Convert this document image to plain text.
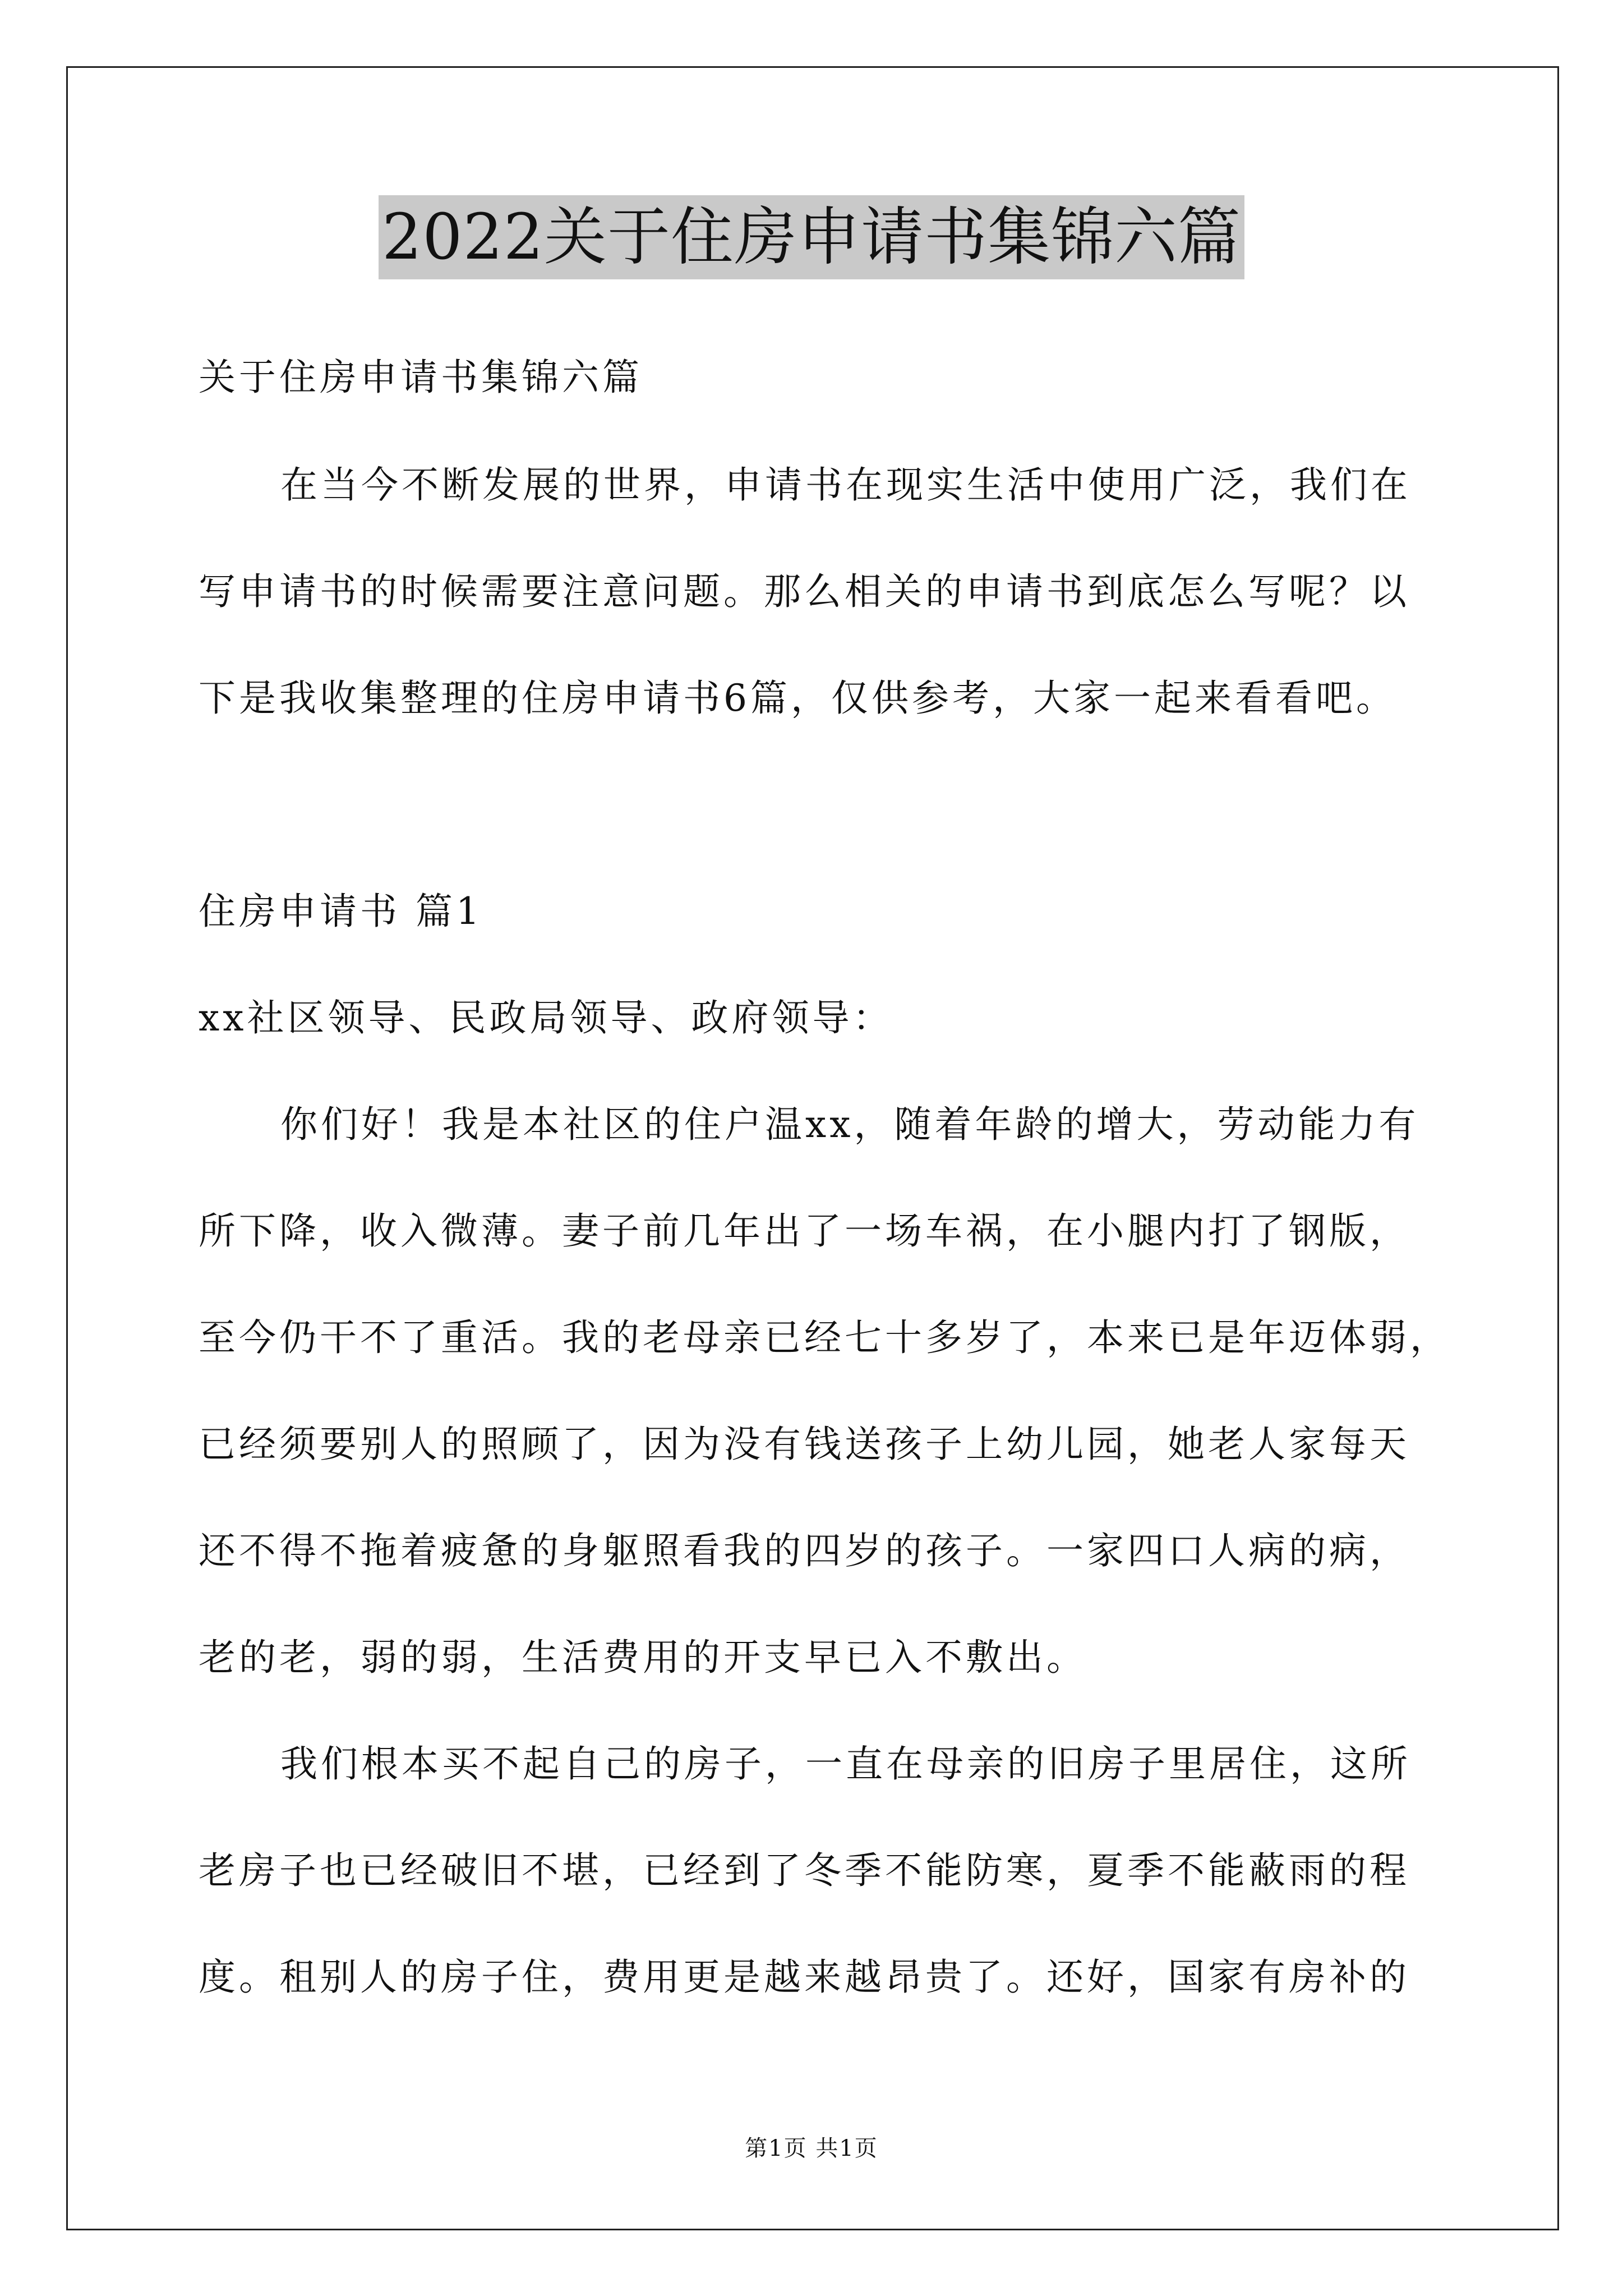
2022关于住房申请书集锦六篇
关于住房申请书集锦六篇
在当今不断发展的世界，申请书在现实生活中使用广泛，我们在
写申请书的时候需要注意问题。那么相关的申请书到底怎么写呢？以
下是我收集整理的住房申请书6篇，仅供参考，大家一起来看看吧。
住房申请书 篇1
xx社区领导、民政局领导、政府领导：
你们好！我是本社区的住户温xx，随着年龄的增大，劳动能力有
所下降，收入微薄。妻子前几年出了一场车祸，在小腿内打了钢版，
至今仍干不了重活。我的老母亲已经七十多岁了，本来已是年迈体弱，
已经须要别人的照顾了，因为没有钱送孩子上幼儿园，她老人家每天
还不得不拖着疲惫的身躯照看我的四岁的孩子。一家四口人病的病，
老的老，弱的弱，生活费用的开支早已入不敷出。
我们根本买不起自己的房子，一直在母亲的旧房子里居住，这所
老房子也已经破旧不堪，已经到了冬季不能防寒，夏季不能蔽雨的程
度。租别人的房子住，费用更是越来越昂贵了。还好，国家有房补的
第1页 共1页
